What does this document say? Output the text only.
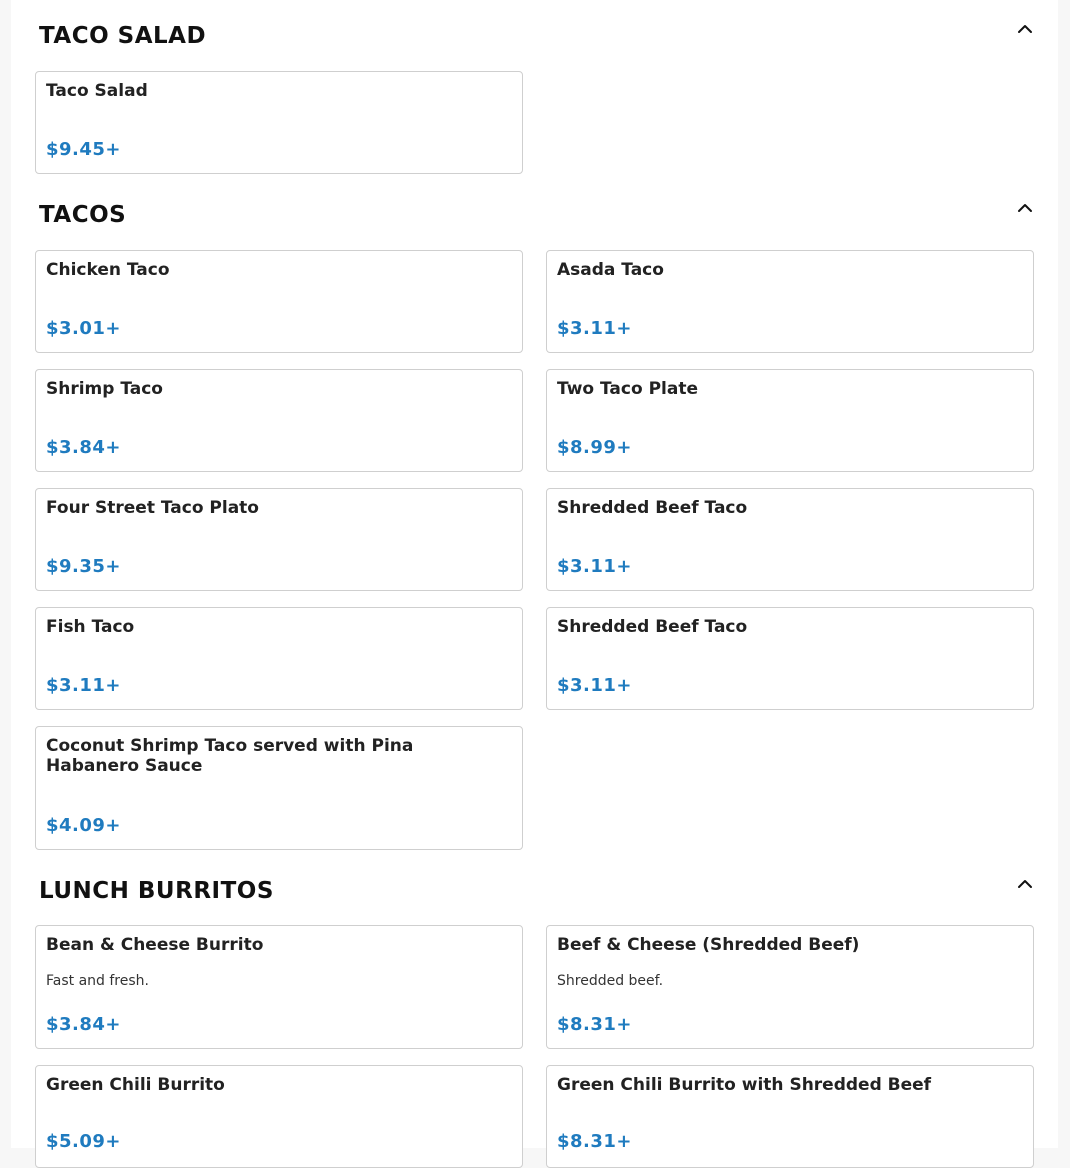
TACO SALAD
Taco Salad
$9.45+
TACOS
Chicken Taco
$3.01+
Asada Taco
$3.11+
Shrimp Taco
$3.84+
Two Taco Plate
$8.99+
Four Street Taco Plato
$9.35+
Shredded Beef Taco
$3.11+
Fish Taco
$3.11+
Shredded Beef Taco
$3.11+
Coconut Shrimp Taco served with Pina Habanero Sauce
$4.09+
LUNCH BURRITOS
Bean & Cheese Burrito
Fast and fresh.
$3.84+
Beef & Cheese (Shredded Beef)
Shredded beef.
$8.31+
Green Chili Burrito
$5.09+
Green Chili Burrito with Shredded Beef
$8.31+
